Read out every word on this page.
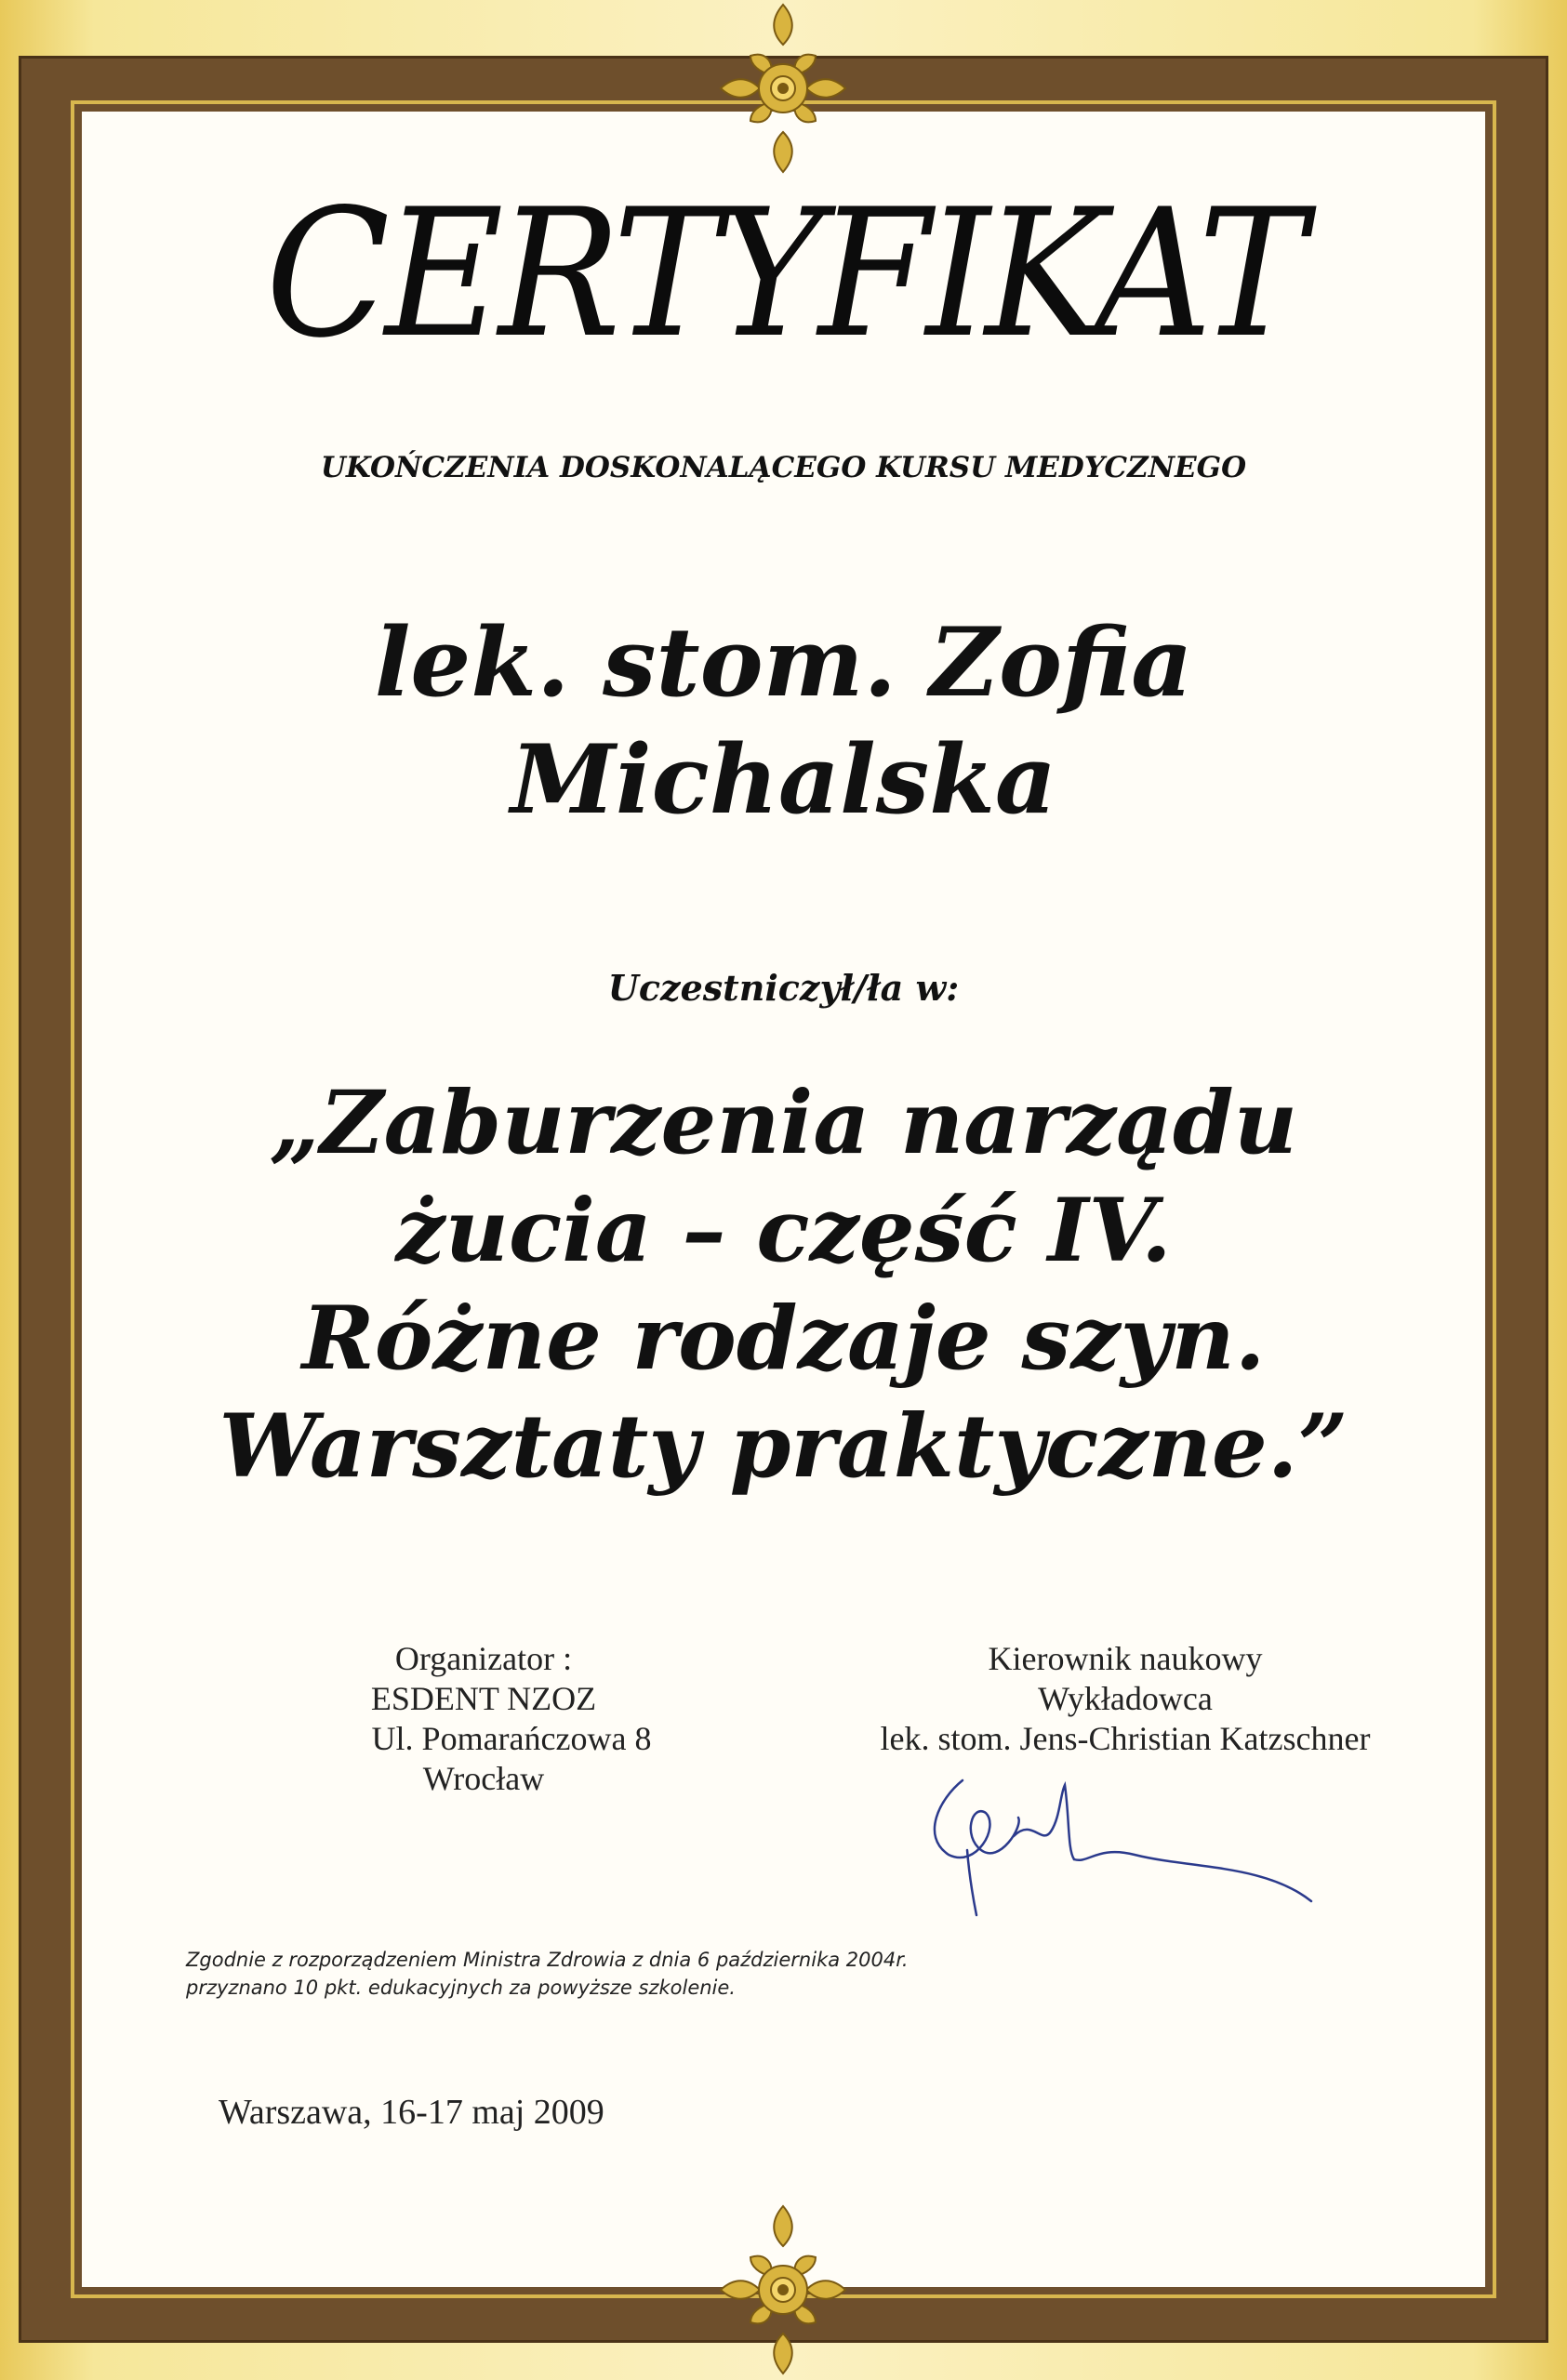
CERTYFIKAT
UKOŃCZENIA DOSKONALĄCEGO KURSU MEDYCZNEGO
lek. stom. Zofia
Michalska
Uczestniczył/ła w:
„Zaburzenia narządu
żucia – część IV.
Różne rodzaje szyn.
Warsztaty praktyczne.”
Organizator :
ESDENT NZOZ
Ul. Pomarańczowa 8
Wrocław
Kierownik naukowy
Wykładowca
lek. stom. Jens-Christian Katzschner
Zgodnie z rozporządzeniem Ministra Zdrowia z dnia 6 października 2004r.
przyznano 10 pkt. edukacyjnych za powyższe szkolenie.
Warszawa, 16-17 maj 2009
